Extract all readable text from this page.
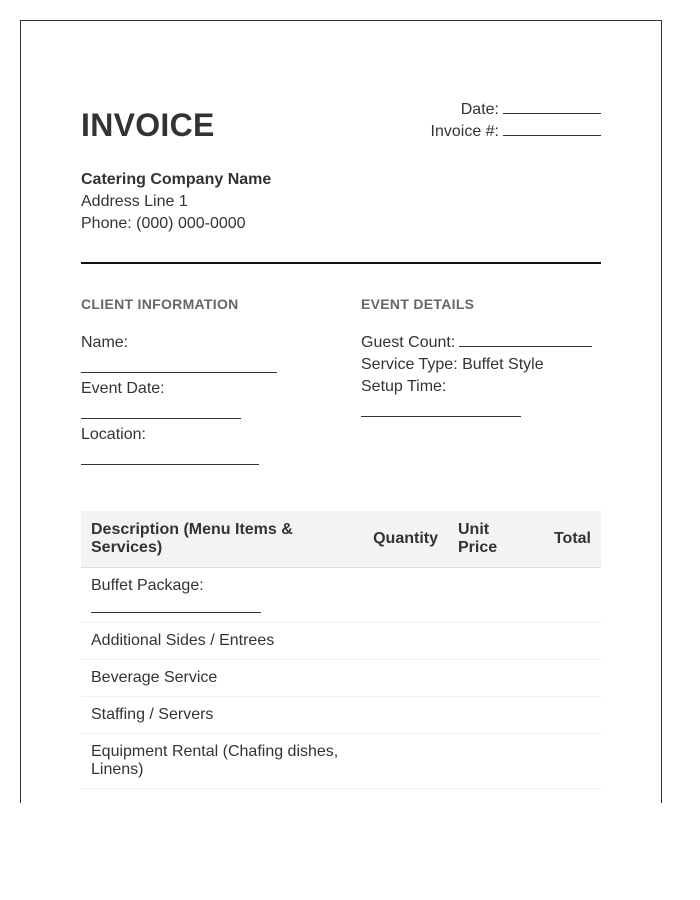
INVOICE	Date:
Invoice #:
Catering Company Name
Address Line 1
Phone: (000) 000-0000
CLIENT INFORMATION
Name:
Event Date:
Location:
EVENT DETAILS
Guest Count:
Service Type: Buffet Style
Setup Time:
Description (Menu Items & Services)	Quantity	Unit Price	Total

Buffet Package:			

Additional Sides / Entrees			
Beverage Service			
Staffing / Servers			
Equipment Rental (Chafing dishes, Linens)			
